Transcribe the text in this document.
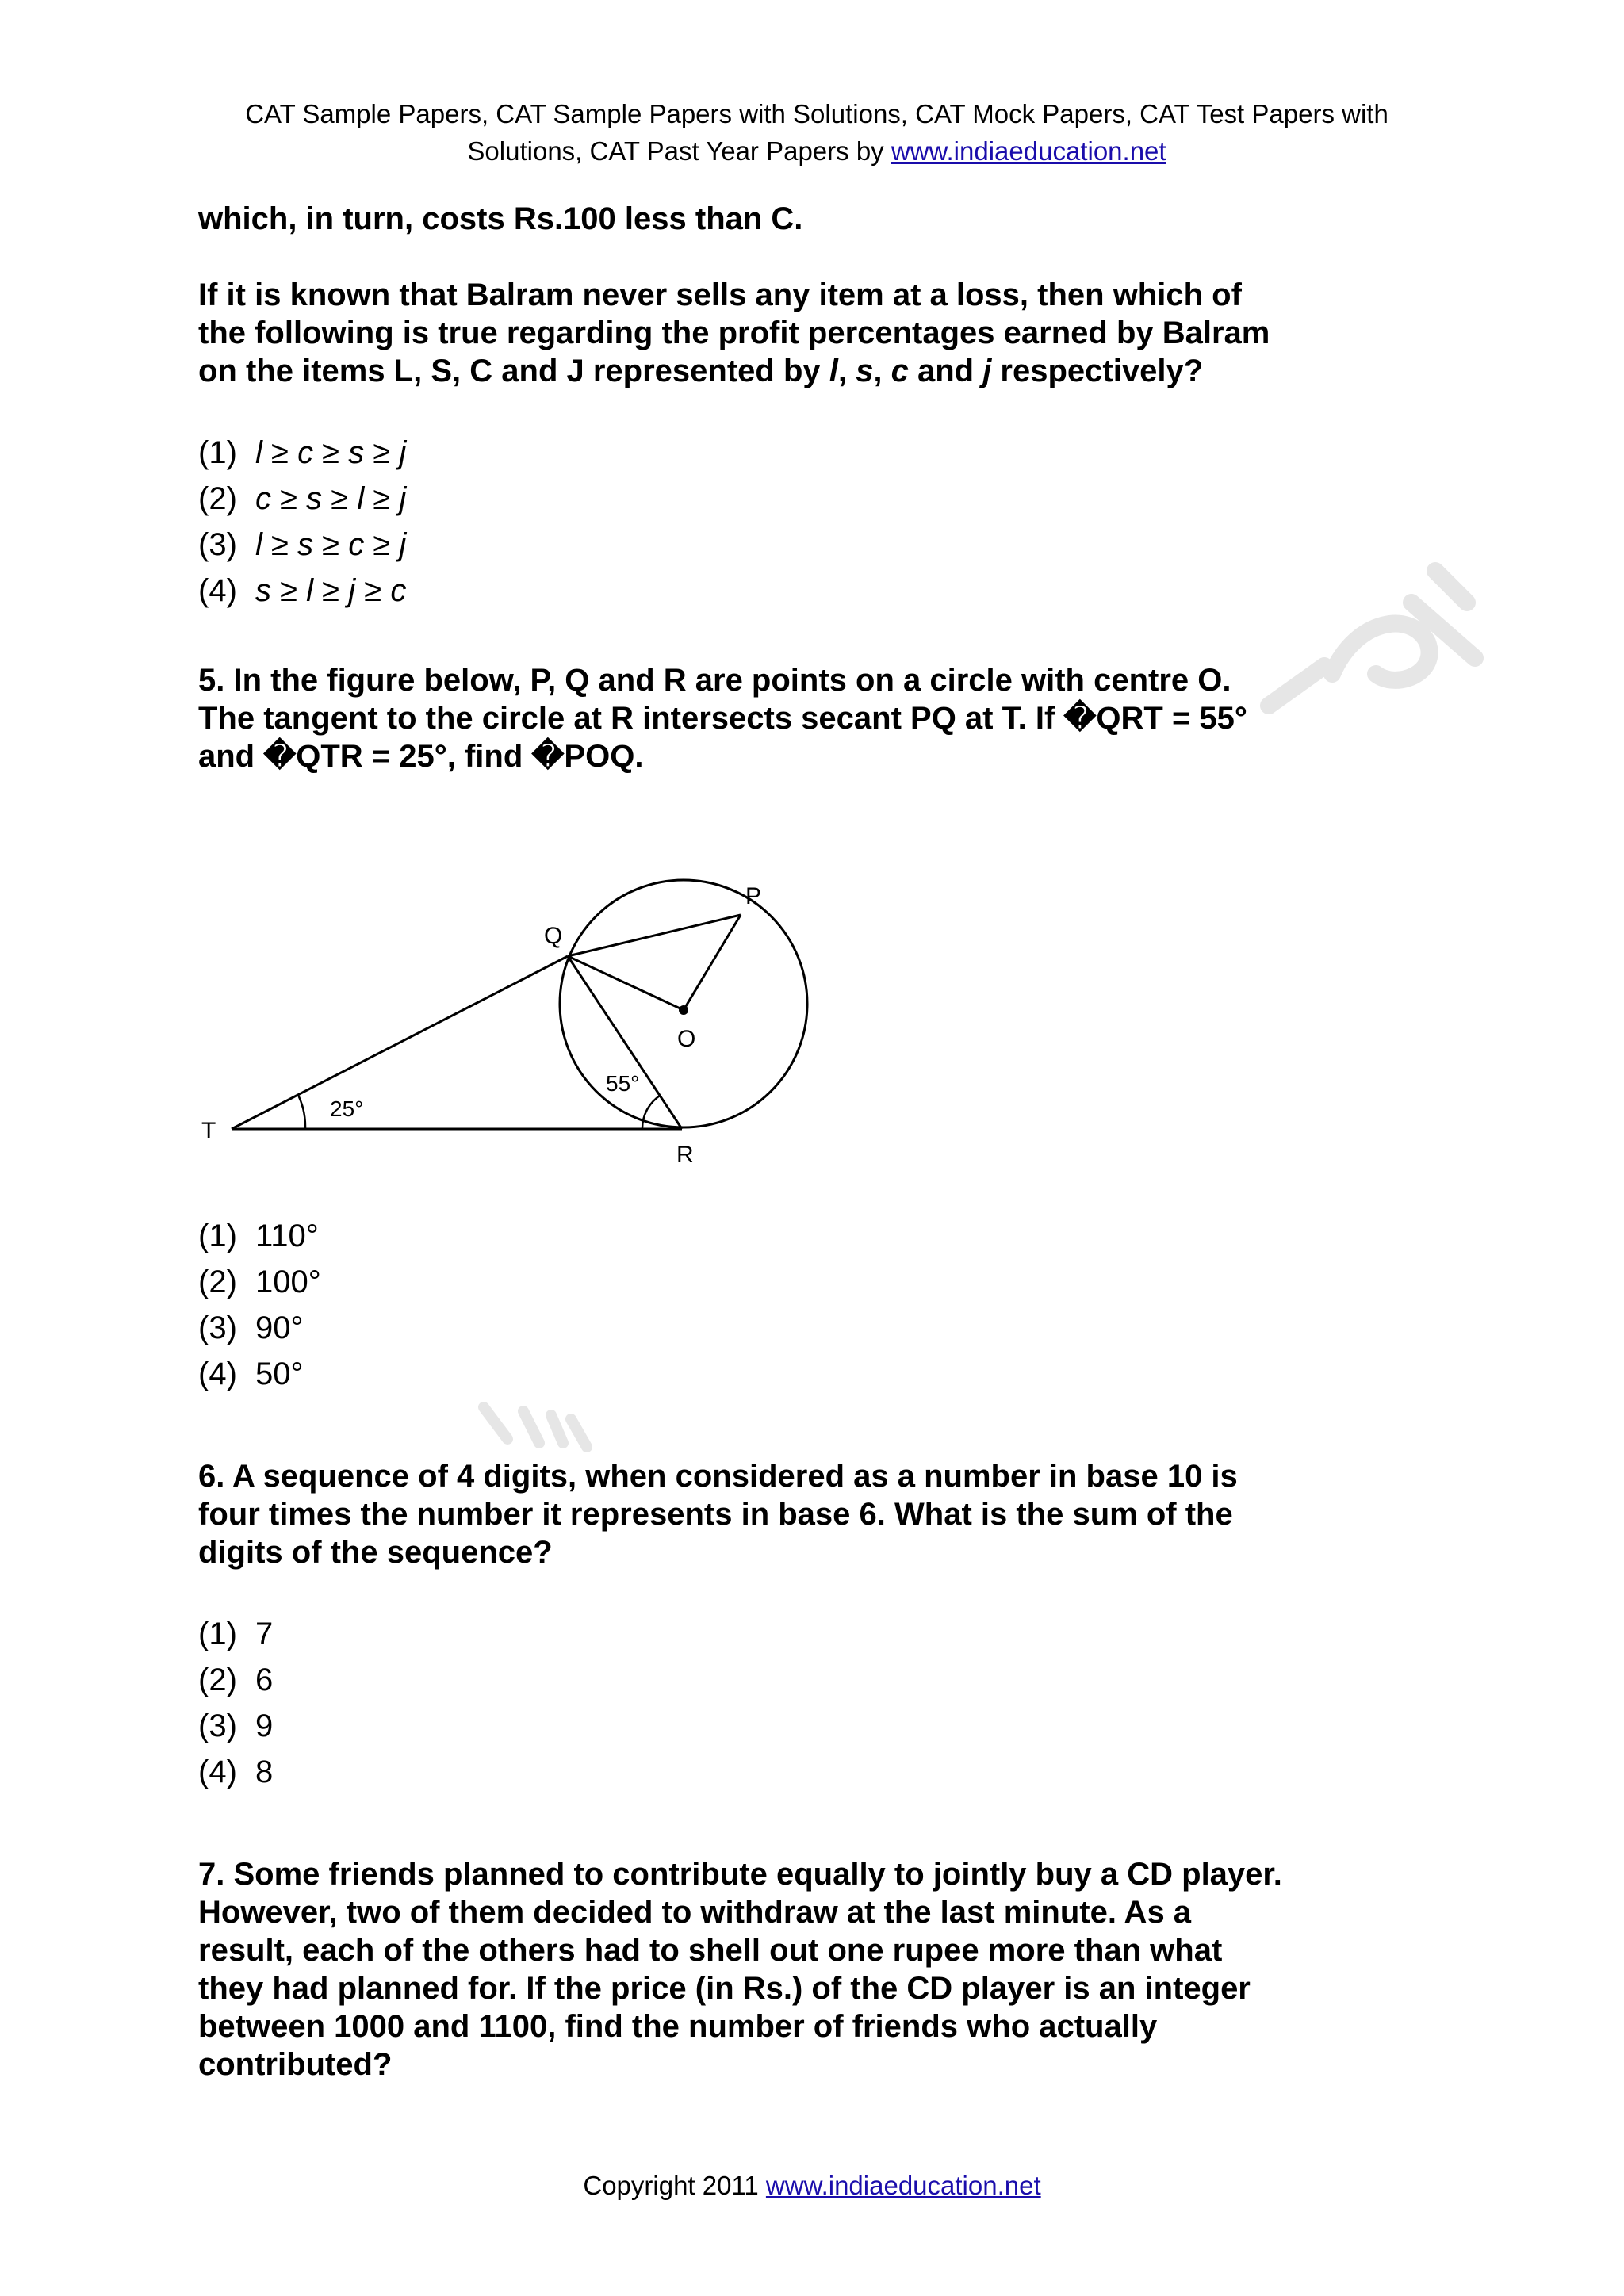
CAT Sample Papers, CAT Sample Papers with Solutions, CAT Mock Papers, CAT Test Papers with
Solutions, CAT Past Year Papers by www.indiaeducation.net

which, in turn, costs Rs.100 less than C.

If it is known that Balram never sells any item at a loss, then which of the following is true regarding the profit percentages earned by Balram on the items L, S, C and J represented by l, s, c and j respectively?

(1) l ≥ c ≥ s ≥ j
(2) c ≥ s ≥ l ≥ j
(3) l ≥ s ≥ c ≥ j
(4) s ≥ l ≥ j ≥ c

5. In the figure below, P, Q and R are points on a circle with centre O. The tangent to the circle at R intersects secant PQ at T. If �QRT = 55° and �QTR = 25°, find �POQ.

P
Q
O
T
R
25°
55°
(1) 110°
(2) 100°
(3) 90°
(4) 50°

6. A sequence of 4 digits, when considered as a number in base 10 is four times the number it represents in base 6. What is the sum of the digits of the sequence?

(1) 7
(2) 6
(3) 9
(4) 8

7. Some friends planned to contribute equally to jointly buy a CD player. However, two of them decided to withdraw at the last minute. As a result, each of the others had to shell out one rupee more than what they had planned for. If the price (in Rs.) of the CD player is an integer between 1000 and 1100, find the number of friends who actually contributed?

Copyright 2011 www.indiaeducation.net
